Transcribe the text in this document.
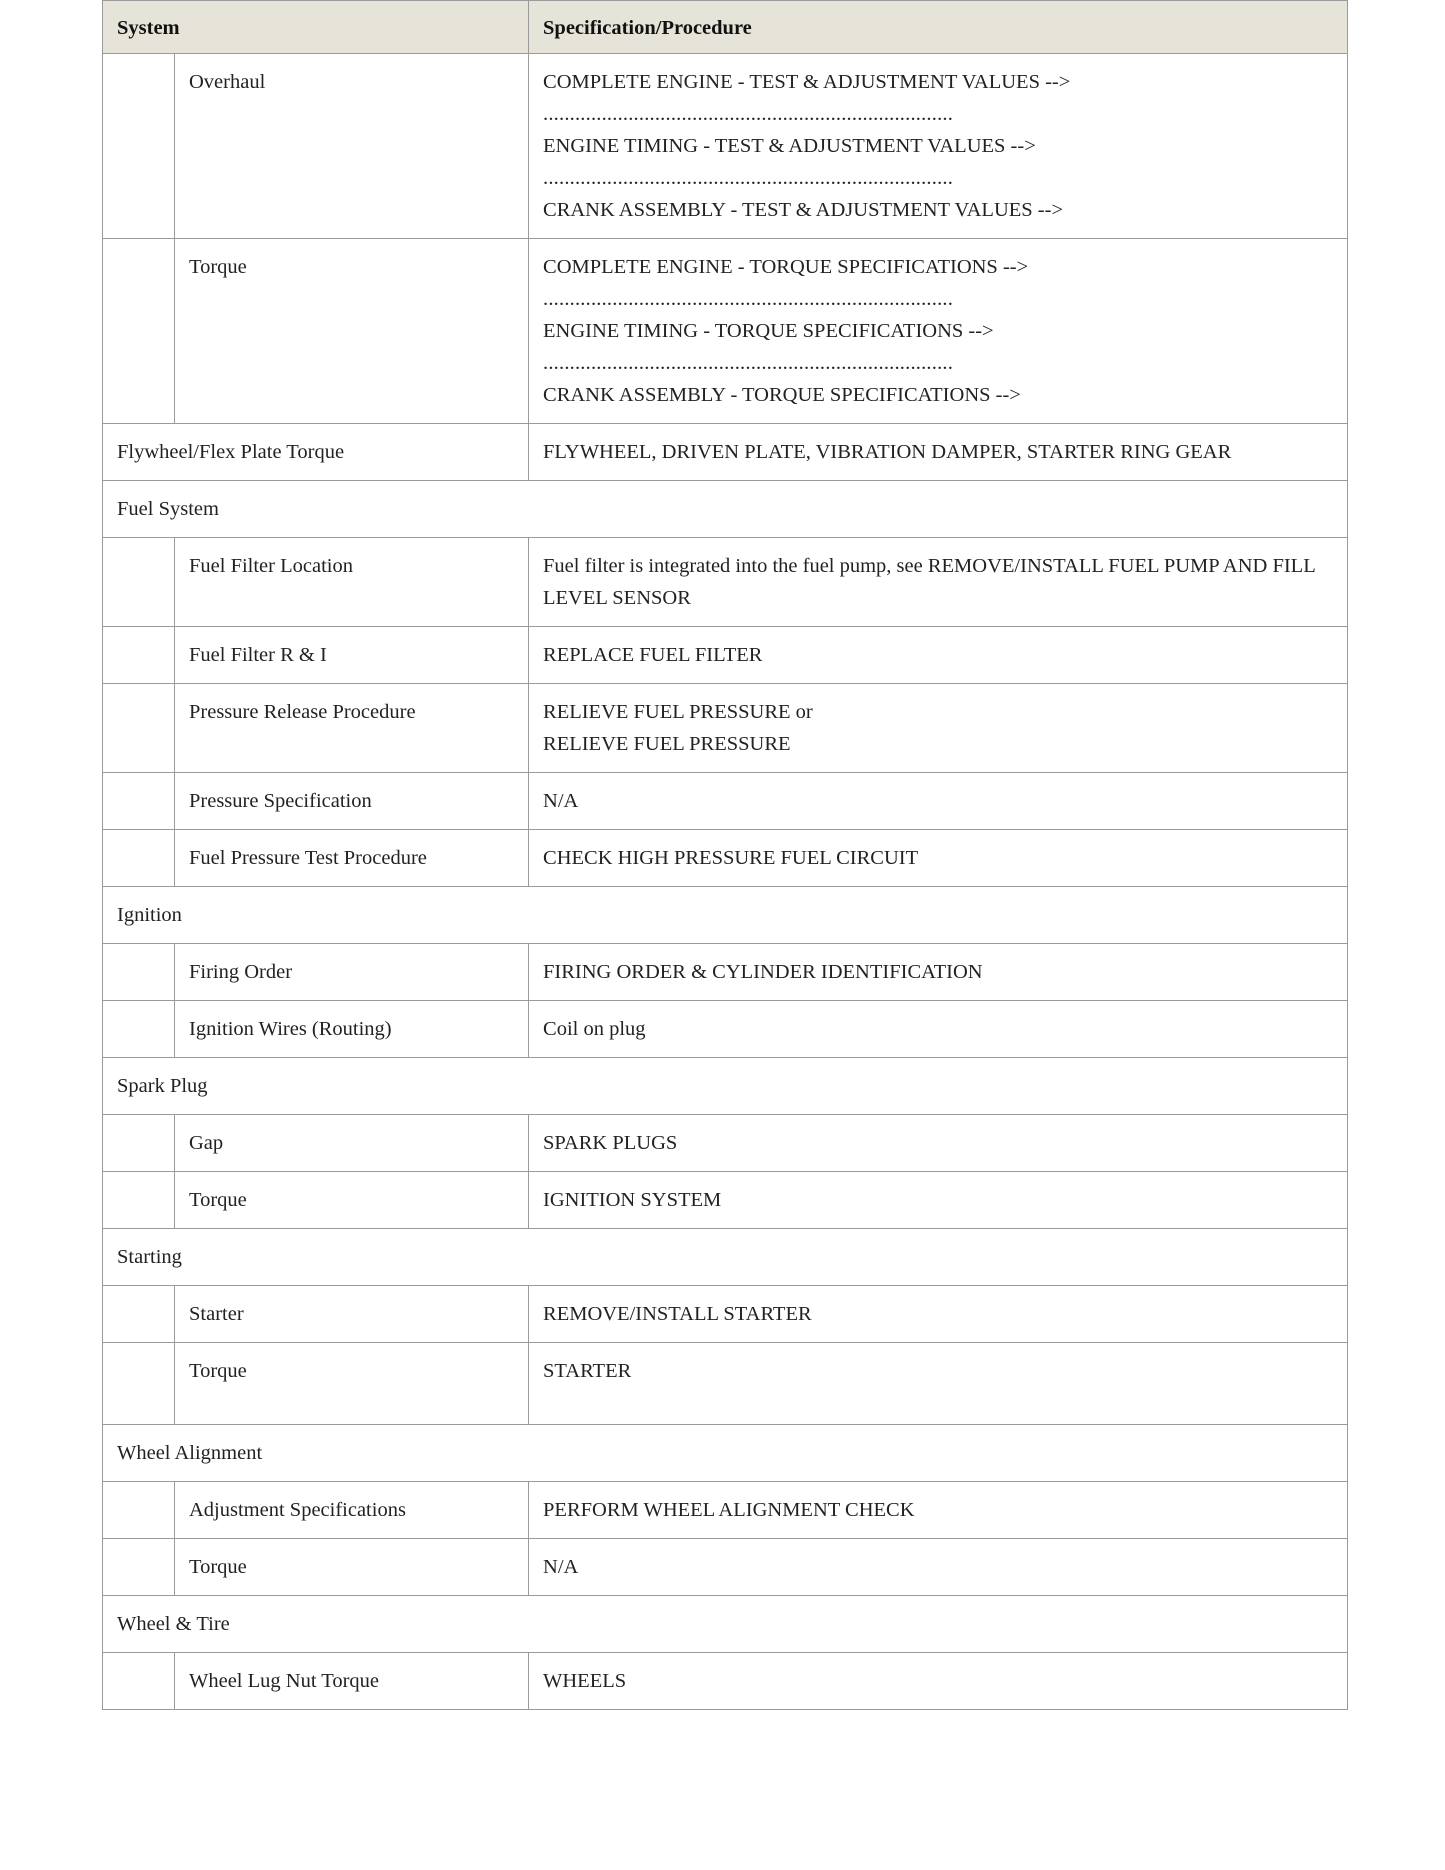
System		Specification/Procedure
	Overhaul	COMPLETE ENGINE - TEST & ADJUSTMENT VALUES -->
.............................................................................
ENGINE TIMING - TEST & ADJUSTMENT VALUES -->
.............................................................................
CRANK ASSEMBLY - TEST & ADJUSTMENT VALUES -->

	Torque	COMPLETE ENGINE - TORQUE SPECIFICATIONS -->
.............................................................................
ENGINE TIMING - TORQUE SPECIFICATIONS -->
.............................................................................
CRANK ASSEMBLY - TORQUE SPECIFICATIONS -->

Flywheel/Flex Plate Torque		FLYWHEEL, DRIVEN PLATE, VIBRATION DAMPER, STARTER RING GEAR

Fuel System		
	Fuel Filter Location	Fuel filter is integrated into the fuel pump, see REMOVE/INSTALL FUEL PUMP AND FILL LEVEL SENSOR

	Fuel Filter R & I	REPLACE FUEL FILTER

	Pressure Release Procedure	RELIEVE FUEL PRESSURE or
RELIEVE FUEL PRESSURE

	Pressure Specification	N/A
	Fuel Pressure Test Procedure	CHECK HIGH PRESSURE FUEL CIRCUIT

Ignition		
	Firing Order	FIRING ORDER & CYLINDER IDENTIFICATION

	Ignition Wires (Routing)	Coil on plug
Spark Plug		
	Gap	SPARK PLUGS

	Torque	IGNITION SYSTEM

Starting		
	Starter	REMOVE/INSTALL STARTER

	Torque	STARTER

Wheel Alignment		
	Adjustment Specifications	PERFORM WHEEL ALIGNMENT CHECK

	Torque	N/A
Wheel & Tire		
	Wheel Lug Nut Torque	WHEELS
